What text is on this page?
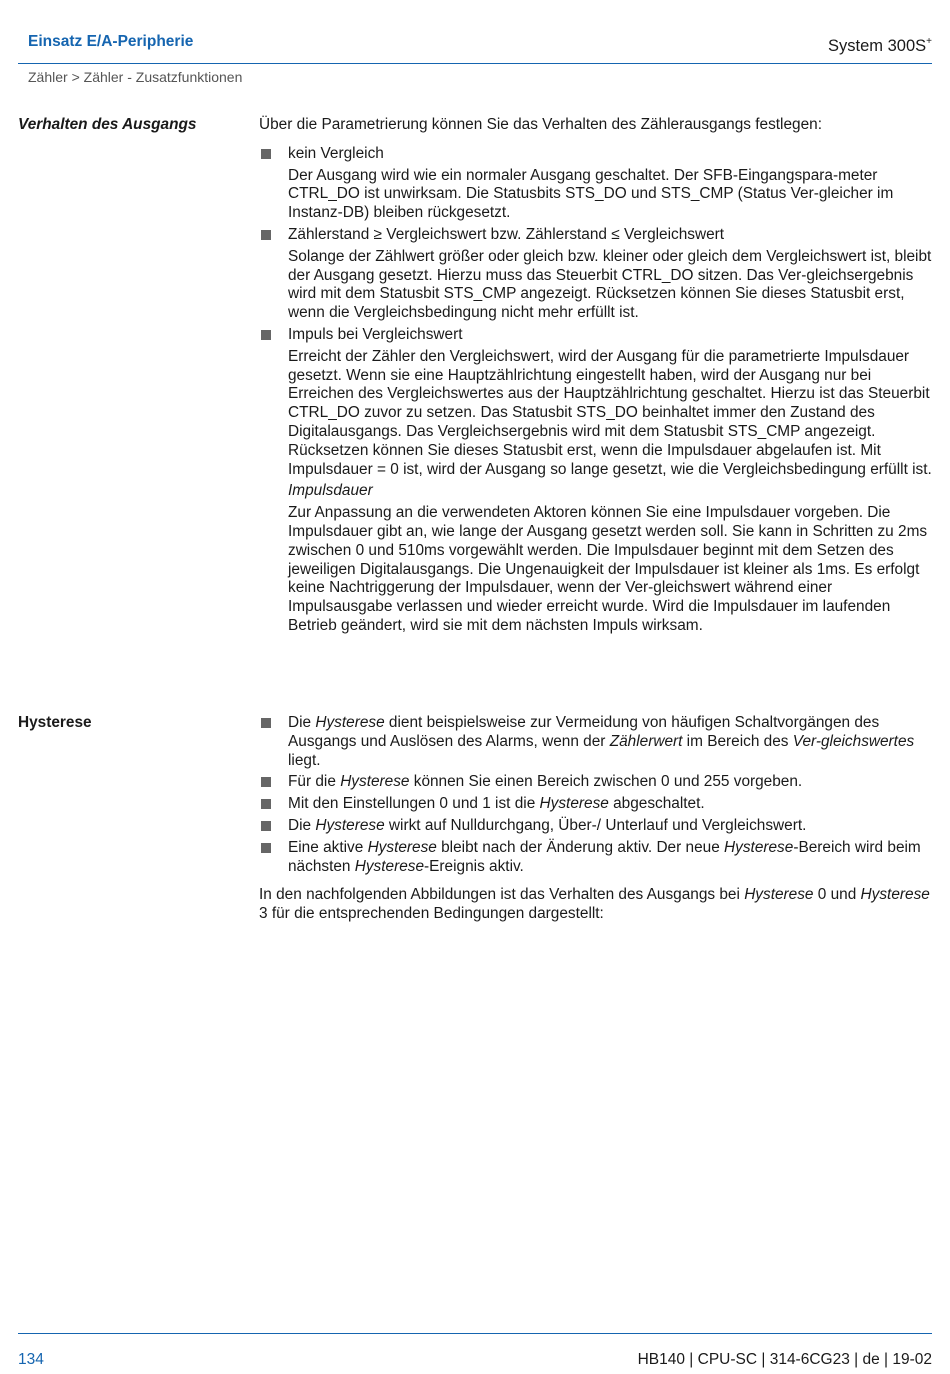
Einsatz E/A-Peripherie	System 300S+
Zähler > Zähler - Zusatzfunktionen
Verhalten des Ausgangs	Über die Parametrierung können Sie das Verhalten des Zählerausgangs festlegen:

kein Vergleich
Der Ausgang wird wie ein normaler Ausgang geschaltet. Der SFB-Eingangspara-meter CTRL_DO ist unwirksam. Die Statusbits STS_DO und STS_CMP (Status Ver-gleicher im Instanz-DB) bleiben rückgesetzt.
Zählerstand ≥ Vergleichswert bzw. Zählerstand ≤ Vergleichswert
Solange der Zählwert größer oder gleich bzw. kleiner oder gleich dem Vergleichswert ist, bleibt der Ausgang gesetzt. Hierzu muss das Steuerbit CTRL_DO sitzen. Das Ver-gleichsergebnis wird mit dem Statusbit STS_CMP angezeigt. Rücksetzen können Sie dieses Statusbit erst, wenn die Vergleichsbedingung nicht mehr erfüllt ist.
Impuls bei Vergleichswert
Erreicht der Zähler den Vergleichswert, wird der Ausgang für die parametrierte Impulsdauer gesetzt. Wenn sie eine Hauptzählrichtung eingestellt haben, wird der Ausgang nur bei Erreichen des Vergleichswertes aus der Hauptzählrichtung geschaltet. Hierzu ist das Steuerbit CTRL_DO zuvor zu setzen. Das Statusbit STS_DO beinhaltet immer den Zustand des Digitalausgangs. Das Vergleichsergebnis wird mit dem Statusbit STS_CMP angezeigt. Rücksetzen können Sie dieses Statusbit erst, wenn die Impulsdauer abgelaufen ist. Mit Impulsdauer = 0 ist, wird der Ausgang so lange gesetzt, wie die Vergleichsbedingung erfüllt ist.
Impulsdauer
Zur Anpassung an die verwendeten Aktoren können Sie eine Impulsdauer vorgeben. Die Impulsdauer gibt an, wie lange der Ausgang gesetzt werden soll. Sie kann in Schritten zu 2ms zwischen 0 und 510ms vorgewählt werden. Die Impulsdauer beginnt mit dem Setzen des jeweiligen Digitalausgangs. Die Ungenauigkeit der Impulsdauer ist kleiner als 1ms. Es erfolgt keine Nachtriggerung der Impulsdauer, wenn der Ver-gleichswert während einer Impulsausgabe verlassen und wieder erreicht wurde. Wird die Impulsdauer im laufenden Betrieb geändert, wird sie mit dem nächsten Impuls wirksam.
Hysterese	Die Hysterese dient beispielsweise zur Vermeidung von häufigen Schaltvorgängen des Ausgangs und Auslösen des Alarms, wenn der Zählerwert im Bereich des Ver-gleichswertes liegt.
Für die Hysterese können Sie einen Bereich zwischen 0 und 255 vorgeben.
Mit den Einstellungen 0 und 1 ist die Hysterese abgeschaltet.
Die Hysterese wirkt auf Nulldurchgang, Über-/ Unterlauf und Vergleichswert.
Eine aktive Hysterese bleibt nach der Änderung aktiv. Der neue Hysterese-Bereich wird beim nächsten Hysterese-Ereignis aktiv.

In den nachfolgenden Abbildungen ist das Verhalten des Ausgangs bei Hysterese 0 und Hysterese 3 für die entsprechenden Bedingungen dargestellt:

134	HB140 | CPU-SC | 314-6CG23 | de | 19-02
